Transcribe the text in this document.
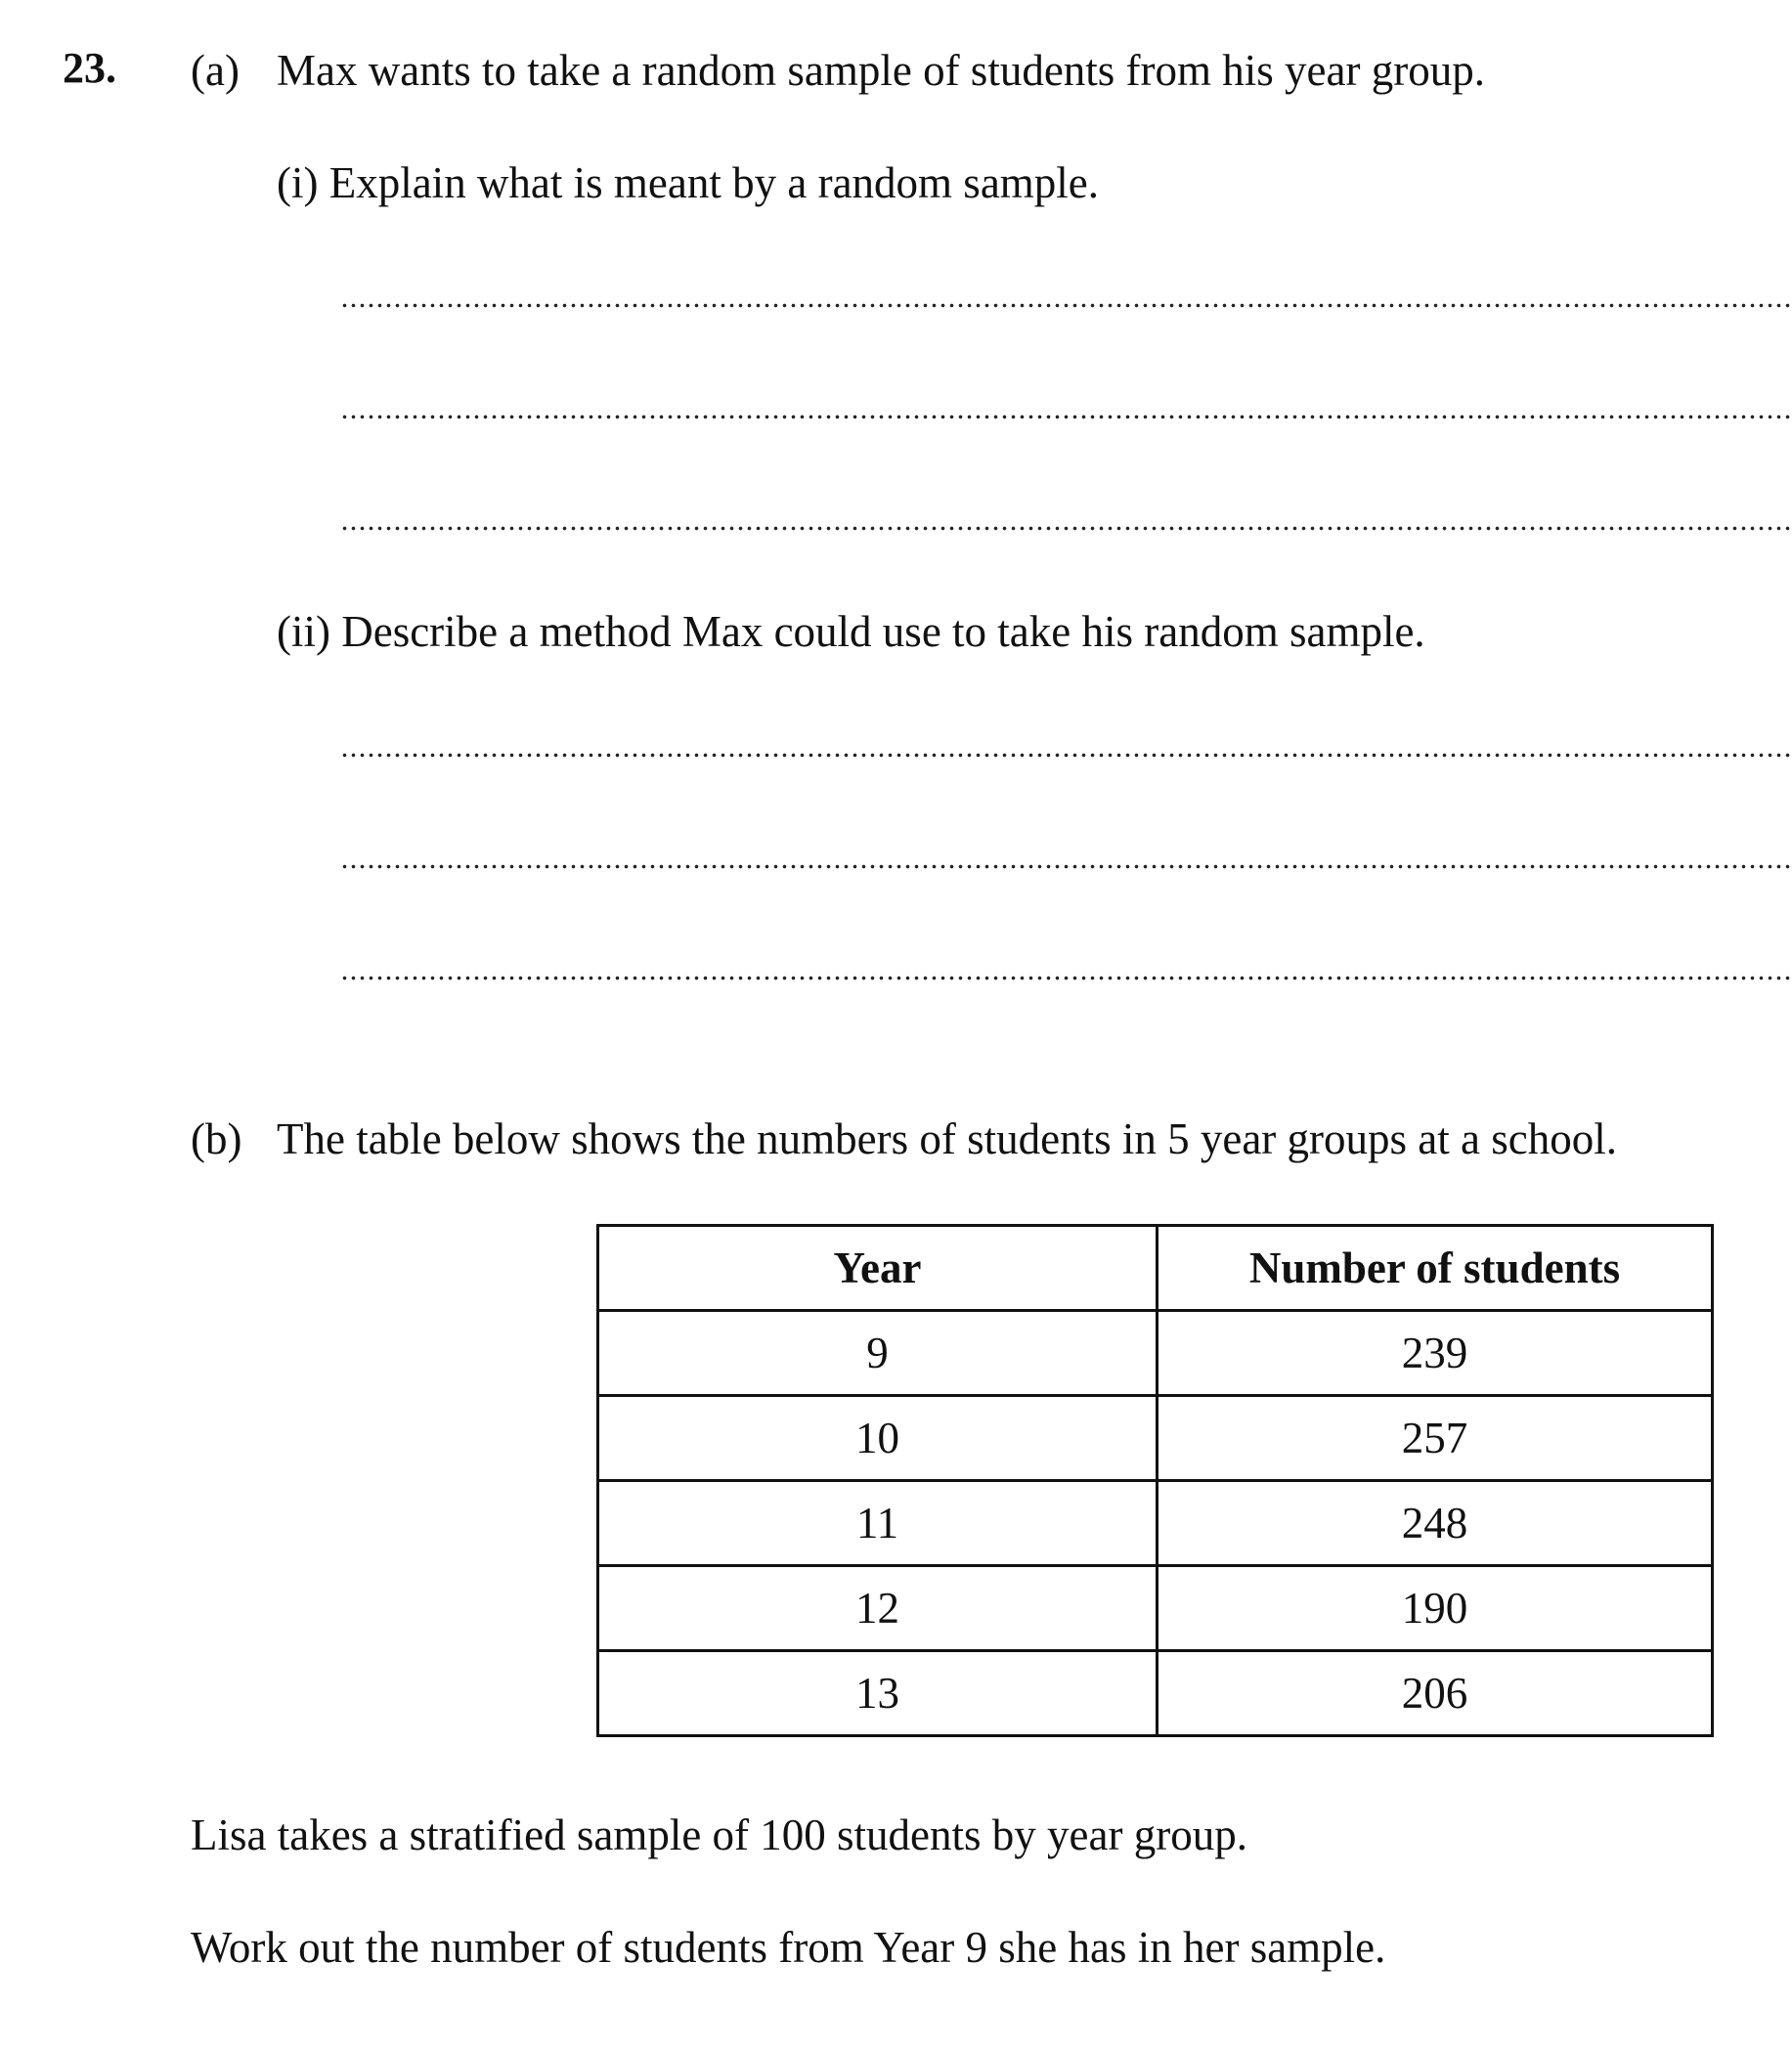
23. (a) Max wants to take a random sample of students from his year group.
(i) Explain what is meant by a random sample.
(ii) Describe a method Max could use to take his random sample.
(b) The table below shows the numbers of students in 5 year groups at a school.
Year	Number of students
9	239
10	257
11	248
12	190
13	206
Lisa takes a stratified sample of 100 students by year group.
Work out the number of students from Year 9 she has in her sample.
